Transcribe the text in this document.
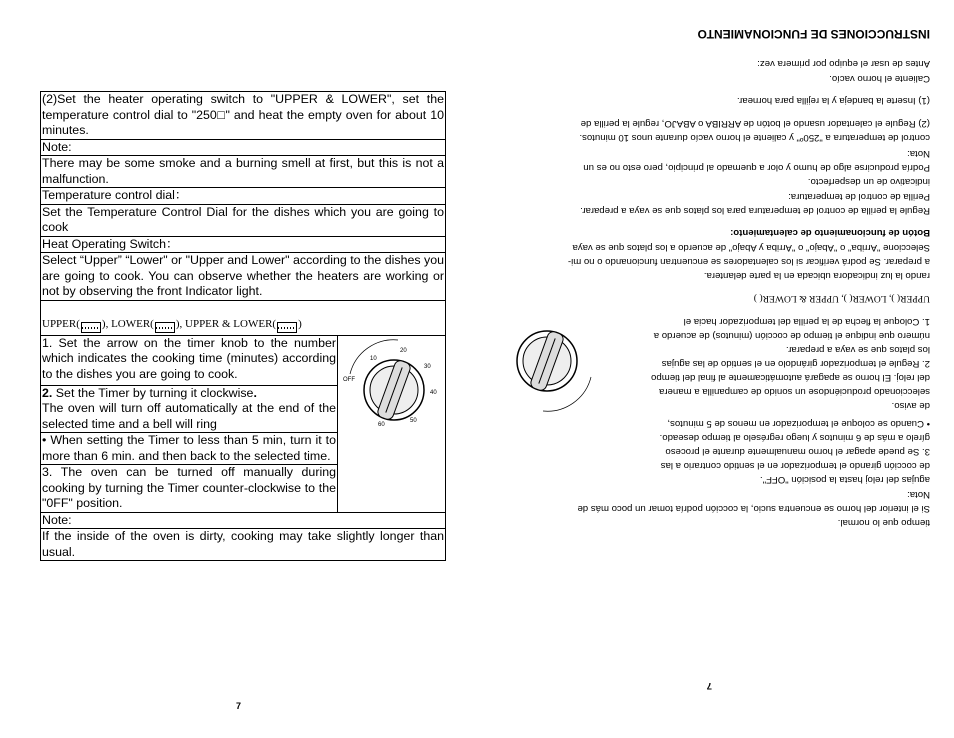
(2)Set the heater operating switch to "UPPER & LOWER", set the temperature control dial to "250□" and heat the empty oven for about 10 minutes.
Note:
There may be some smoke and a burning smell at first, but this is not a malfunction.
Temperature control dial：
Set the Temperature Control Dial for the dishes which you are going to cook
Heat Operating Switch：
Select “Upper” “Lower" or "Upper and Lower" according to the dishes you are going to cook. You can observe whether the heaters are working or not by observing the front Indicator light.
UPPER( ), LOWER( ), UPPER & LOWER( )
1. Set the arrow on the timer knob to the number which indicates the cooking time (minutes) according to the dishes you are going to cook.
2. Set the Timer by turning it clockwise.
The oven will turn off automatically at the end of the selected time and a bell will ring
• When setting the Timer to less than 5 min, turn it to more than 6 min. and then back to the selected time.
3. The oven can be turned off manually during cooking by turning the Timer counter-clockwise to the "0FF" position.
OFF
10
20
30
40
50
60
Note:
If the inside of the oven is dirty, cooking may take slightly longer than usual.
7
INSTRUCCIONES DE FUNCIONAMIENTO
Antes de usar el equipo por primera vez:
Caliente el horno vacío.
(1) Inserte la bandeja y la rejilla para hornear.
(2) Regule el calentador usando el botón de ARRIBA o ABAJO, regule la perilla de
control de temperatura a "250º" y caliente el horno vacío durante unos 10 minutos.
Nota:
Podría producirse algo de humo y olor a quemado al principio, pero esto no es un
indicativo de un desperfecto.
Perilla de control de temperatura:
Regule la perilla de control de temperatura para los platos que se vaya a preparar.
Botón de funcionamiento de calentamiento:
Seleccione "Arriba" o "Abajo" o "Arriba y Abajo" de acuerdo a los platos que se vaya
a preparar. Se podrá verificar si los calentadores se encuentran funcionando o no mi-
rando la luz indicadora ubicada en la parte delantera.
UPPER( ), LOWER( ), UPPER & LOWER( )
1. Coloque la flecha de la perilla del temporizador hacia el
número que indique el tiempo de cocción (minutos) de acuerdo a
los platos que se vaya a preparar.
2. Regule el temporizador girándolo en el sentido de las agujas
del reloj. El horno se apagará automáticamente al final del tiempo
seleccionado produciéndose un sonido de campanilla a manera
de aviso.
• Cuando se coloque el temporizador en menos de 5 minutos,
gírelo a más de 6 minutos y luego regréselo al tiempo deseado.
3. Se puede apagar el horno manualmente durante el proceso
de cocción girando el temporizador en el sentido contrario a las
agujas del reloj hasta la posición "OFF".
Nota:
Si el interior del horno se encuentra sucio, la cocción podría tomar un poco más de
tiempo que lo normal.
7
